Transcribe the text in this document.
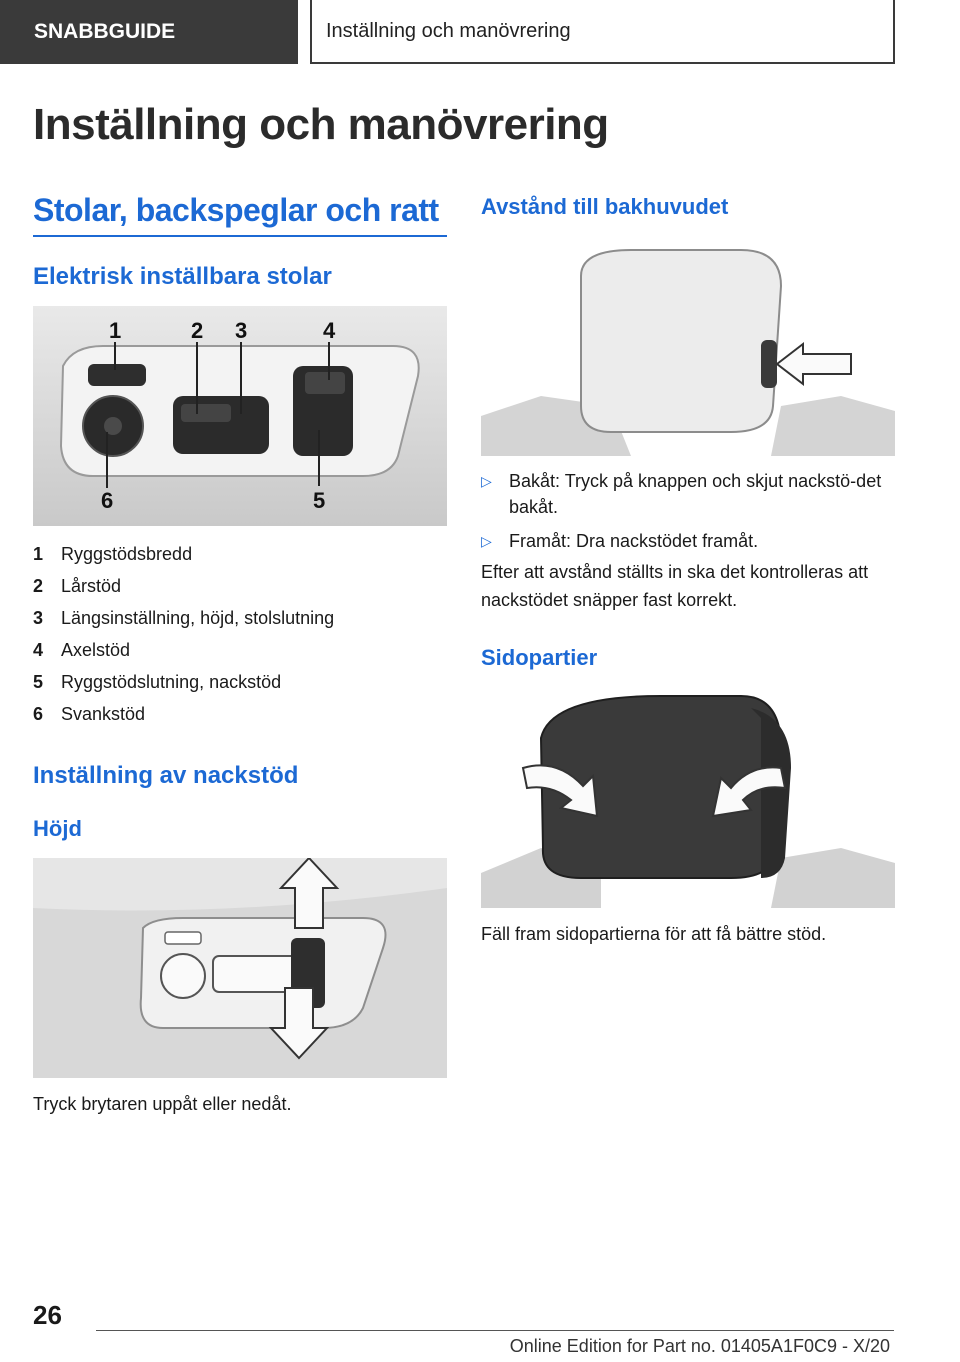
SNABBGUIDE	Inställning och manövrering
Inställning och manövrering
Stolar, backspeglar och ratt
Elektrisk inställbara stolar
1	2 3	4
5
6
1 Ryggstödsbredd
2 Lårstöd
3 Längsinställning, höjd, stolslutning
4 Axelstöd
5 Ryggstödslutning, nackstöd
6 Svankstöd
Inställning av nackstöd
Höjd

Tryck brytaren uppåt eller nedåt.

Avstånd till bakhuvudet
▷ Bakåt: Tryck på knappen och skjut nackstö-det bakåt.
▷ Framåt: Dra nackstödet framåt.

Efter att avstånd ställts in ska det kontrolleras att nackstödet snäpper fast korrekt.

Sidopartier

Fäll fram sidopartierna för att få bättre stöd.

26

Online Edition for Part no. 01405A1F0C9 - X/20
